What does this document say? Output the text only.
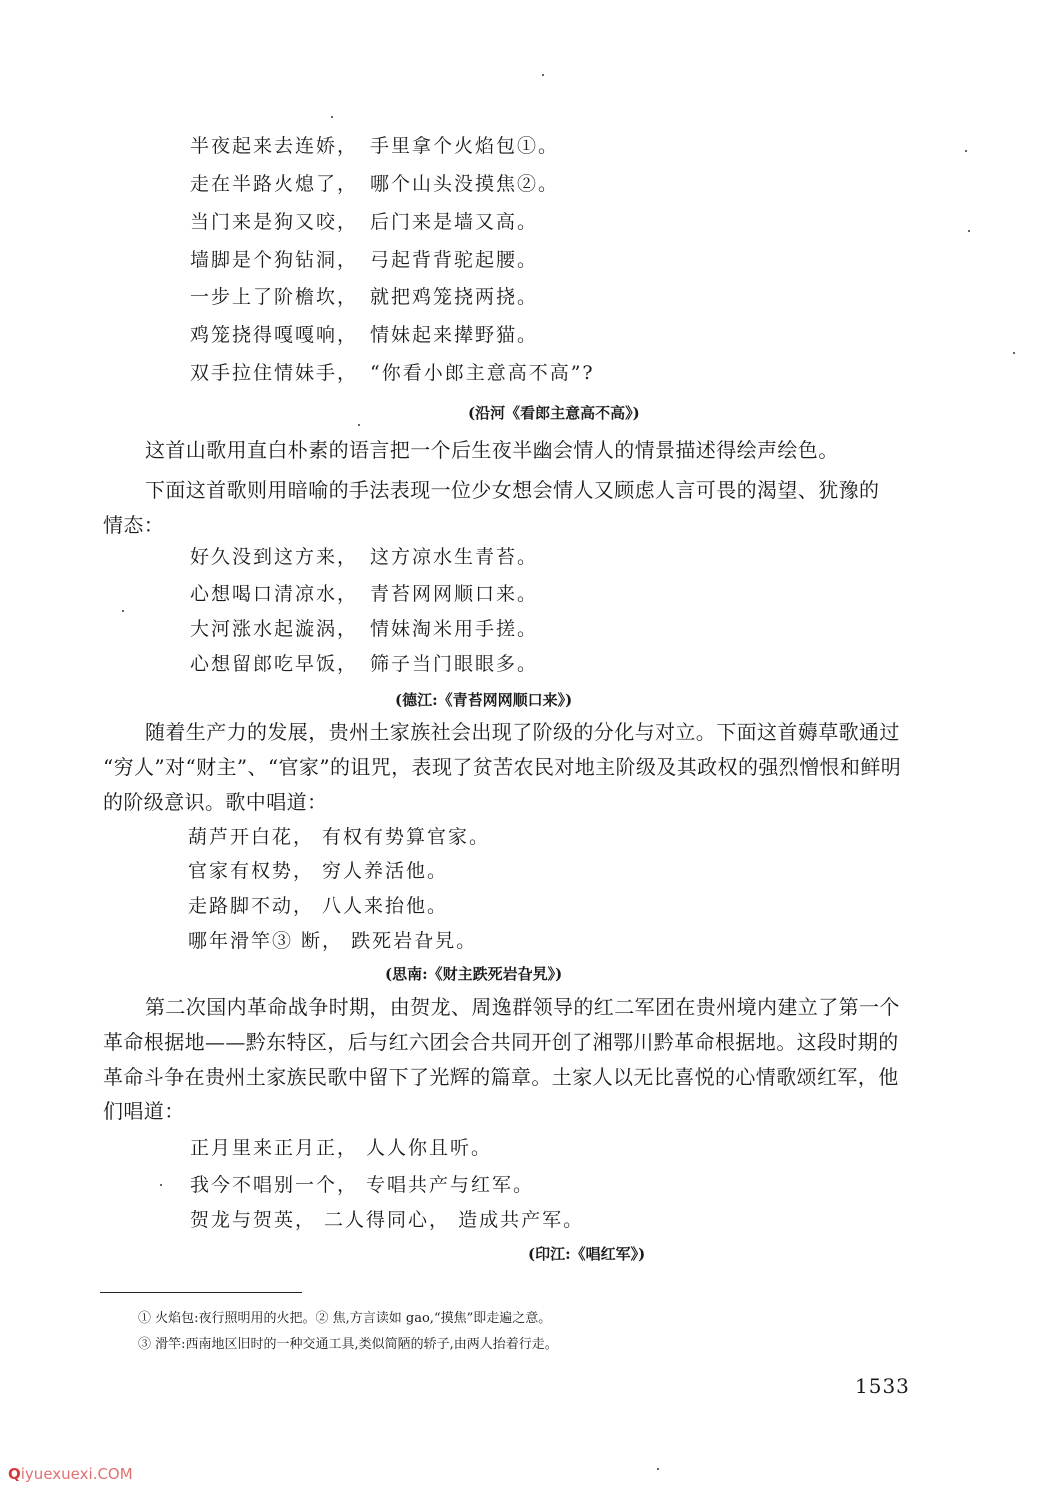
半夜起来去连娇， 手里拿个火焰包①。
走在半路火熄了， 哪个山头没摸焦②。
当门来是狗又咬， 后门来是墙又高。
墙脚是个狗钻洞， 弓起背背驼起腰。
一步上了阶檐坎， 就把鸡笼挠两挠。
鸡笼挠得嘎嘎响， 情妹起来撵野猫。
双手拉住情妹手， “你看小郎主意高不高”?
(沿河《看郎主意高不高》)
这首山歌用直白朴素的语言把一个后生夜半幽会情人的情景描述得绘声绘色。
下面这首歌则用暗喻的手法表现一位少女想会情人又顾虑人言可畏的渴望、犹豫的
情态：
好久没到这方来， 这方凉水生青苔。
心想喝口清凉水， 青苔网网顺口来。
大河涨水起漩涡， 情妹淘米用手搓。
心想留郎吃早饭， 筛子当门眼眼多。
(德江:《青苔网网顺口来》)
随着生产力的发展，贵州土家族社会出现了阶级的分化与对立。下面这首薅草歌通过
“穷人”对“财主”、“官家”的诅咒，表现了贫苦农民对地主阶级及其政权的强烈憎恨和鲜明
的阶级意识。歌中唱道：
葫芦开白花， 有权有势算官家。
官家有权势， 穷人养活他。
走路脚不动， 八人来抬他。
哪年滑竿③ 断， 跌死岩旮旯。
(思南:《财主跌死岩旮旯》)
第二次国内革命战争时期，由贺龙、周逸群领导的红二军团在贵州境内建立了第一个
革命根据地——黔东特区，后与红六团会合共同开创了湘鄂川黔革命根据地。这段时期的
革命斗争在贵州土家族民歌中留下了光辉的篇章。土家人以无比喜悦的心情歌颂红军，他
们唱道：
正月里来正月正， 人人你且听。
我今不唱别一个， 专唱共产与红军。
贺龙与贺英， 二人得同心， 造成共产军。
(印江:《唱红军》)
① 火焰包:夜行照明用的火把。② 焦,方言读如 gao,“摸焦”即走遍之意。
③ 滑竿:西南地区旧时的一种交通工具,类似简陋的轿子,由两人抬着行走。
1533
Qiyuexuexi.COM
